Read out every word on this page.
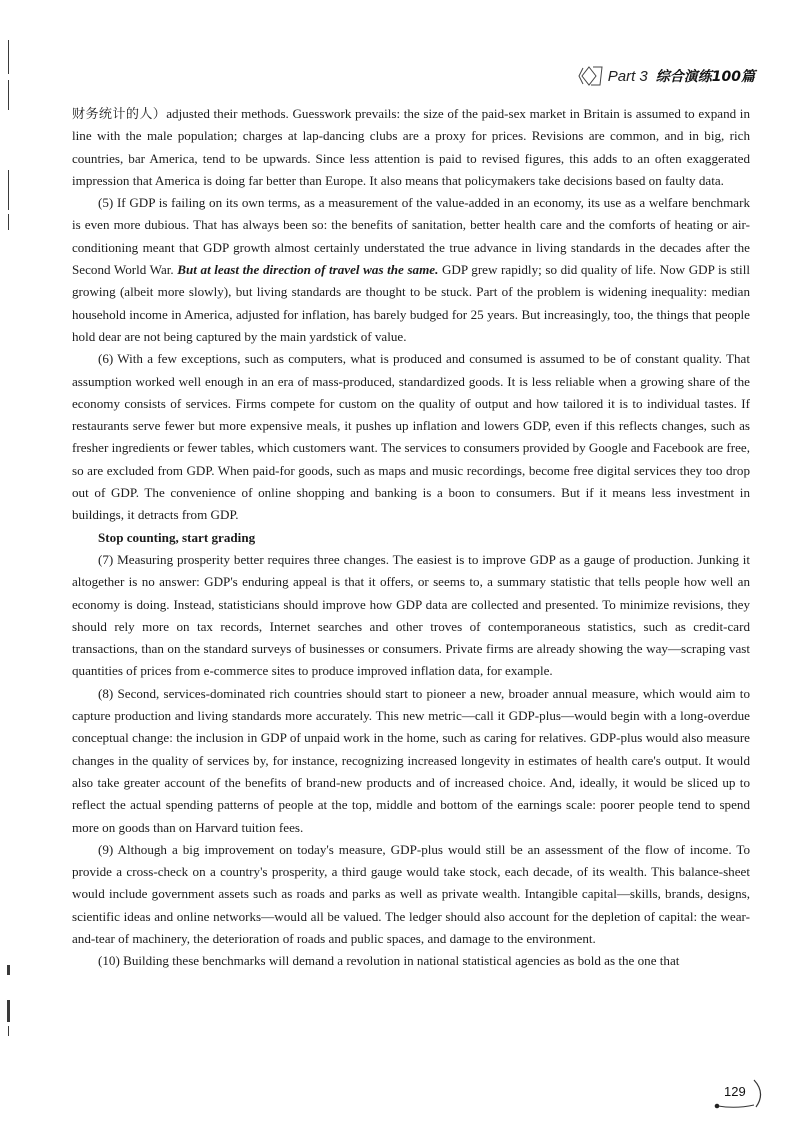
Part 3 综合演练100篇

财务统计的人）adjusted their methods. Guesswork prevails: the size of the paid-sex market in Britain is assumed to expand in line with the male population; charges at lap-dancing clubs are a proxy for prices. Revisions are common, and in big, rich countries, bar America, tend to be upwards. Since less attention is paid to revised figures, this adds to an often exaggerated impression that America is doing far better than Europe. It also means that policymakers take decisions based on faulty data.

(5) If GDP is failing on its own terms, as a measurement of the value-added in an economy, its use as a welfare benchmark is even more dubious. That has always been so: the benefits of sanitation, better health care and the comforts of heating or air-conditioning meant that GDP growth almost certainly understated the true advance in living standards in the decades after the Second World War. But at least the direction of travel was the same. GDP grew rapidly; so did quality of life. Now GDP is still growing (albeit more slowly), but living standards are thought to be stuck. Part of the problem is widening inequality: median household income in America, adjusted for inflation, has barely budged for 25 years. But increasingly, too, the things that people hold dear are not being captured by the main yardstick of value.

(6) With a few exceptions, such as computers, what is produced and consumed is assumed to be of constant quality. That assumption worked well enough in an era of mass-produced, standardized goods. It is less reliable when a growing share of the economy consists of services. Firms compete for custom on the quality of output and how tailored it is to individual tastes. If restaurants serve fewer but more expensive meals, it pushes up inflation and lowers GDP, even if this reflects changes, such as fresher ingredients or fewer tables, which customers want. The services to consumers provided by Google and Facebook are free, so are excluded from GDP. When paid-for goods, such as maps and music recordings, become free digital services they too drop out of GDP. The convenience of online shopping and banking is a boon to consumers. But if it means less investment in buildings, it detracts from GDP.

Stop counting, start grading

(7) Measuring prosperity better requires three changes. The easiest is to improve GDP as a gauge of production. Junking it altogether is no answer: GDP's enduring appeal is that it offers, or seems to, a summary statistic that tells people how well an economy is doing. Instead, statisticians should improve how GDP data are collected and presented. To minimize revisions, they should rely more on tax records, Internet searches and other troves of contemporaneous statistics, such as credit-card transactions, than on the standard surveys of businesses or consumers. Private firms are already showing the way—scraping vast quantities of prices from e-commerce sites to produce improved inflation data, for example.

(8) Second, services-dominated rich countries should start to pioneer a new, broader annual measure, which would aim to capture production and living standards more accurately. This new metric—call it GDP-plus—would begin with a long-overdue conceptual change: the inclusion in GDP of unpaid work in the home, such as caring for relatives. GDP-plus would also measure changes in the quality of services by, for instance, recognizing increased longevity in estimates of health care's output. It would also take greater account of the benefits of brand-new products and of increased choice. And, ideally, it would be sliced up to reflect the actual spending patterns of people at the top, middle and bottom of the earnings scale: poorer people tend to spend more on goods than on Harvard tuition fees.

(9) Although a big improvement on today's measure, GDP-plus would still be an assessment of the flow of income. To provide a cross-check on a country's prosperity, a third gauge would take stock, each decade, of its wealth. This balance-sheet would include government assets such as roads and parks as well as private wealth. Intangible capital—skills, brands, designs, scientific ideas and online networks—would all be valued. The ledger should also account for the depletion of capital: the wear-and-tear of machinery, the deterioration of roads and public spaces, and damage to the environment.

(10) Building these benchmarks will demand a revolution in national statistical agencies as bold as the one that

129
